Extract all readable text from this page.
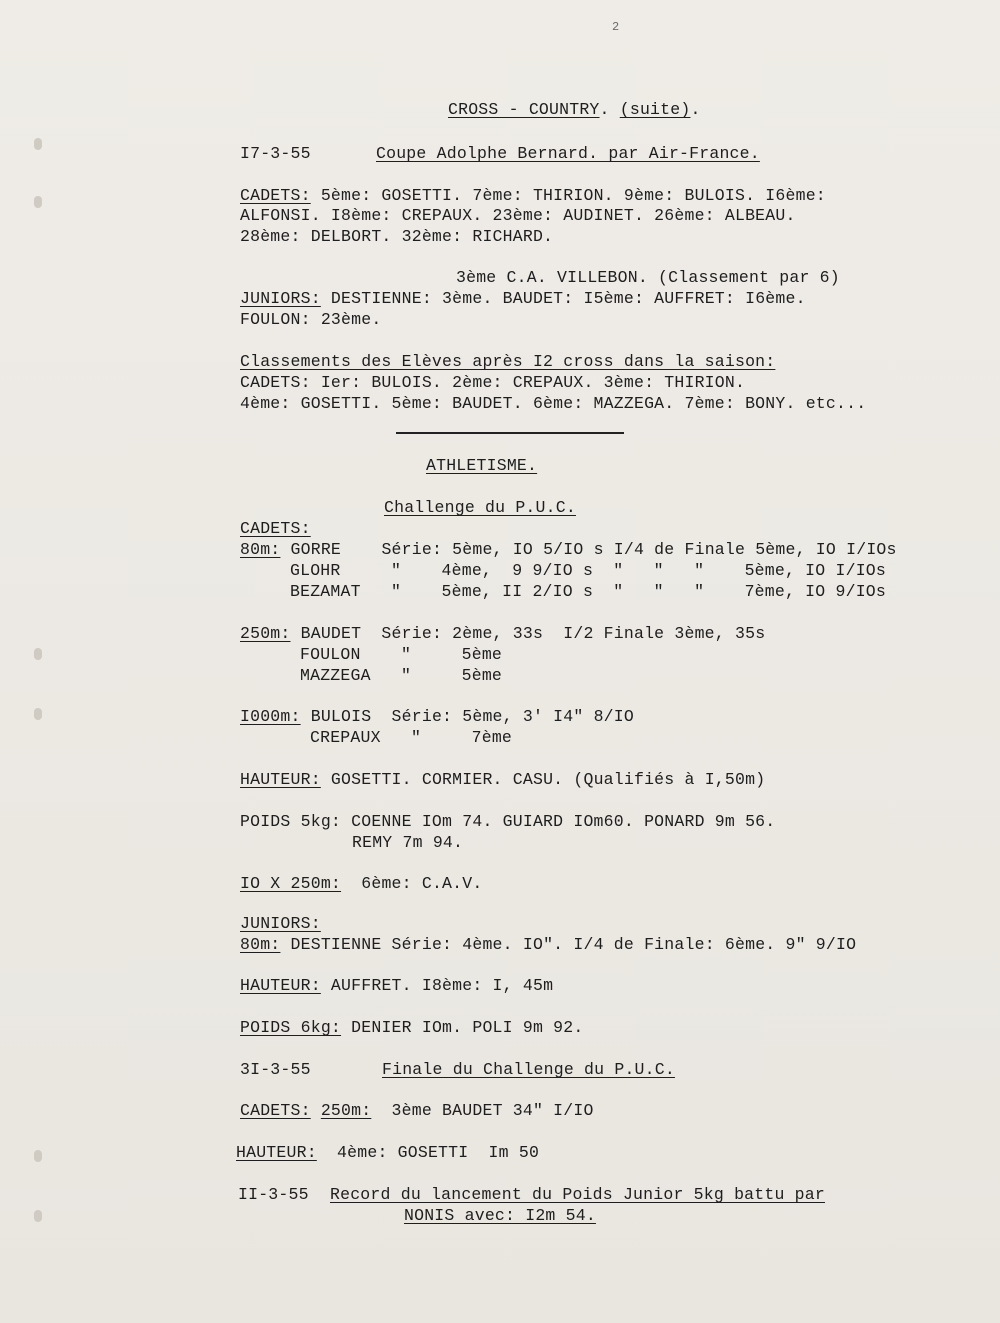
2
CROSS - COUNTRY. (suite).
I7-3-55	Coupe Adolphe Bernard. par Air-France.
CADETS: 5ème: GOSETTI. 7ème: THIRION. 9ème: BULOIS. I6ème:
ALFONSI. I8ème: CREPAUX. 23ème: AUDINET. 26ème: ALBEAU.
28ème: DELBORT. 32ème: RICHARD.
3ème C.A. VILLEBON. (Classement par 6)
JUNIORS: DESTIENNE: 3ème. BAUDET: I5ème: AUFFRET: I6ème.
FOULON: 23ème.
Classements des Elèves après I2 cross dans la saison:
CADETS: Ier: BULOIS. 2ème: CREPAUX. 3ème: THIRION.
4ème: GOSETTI. 5ème: BAUDET. 6ème: MAZZEGA. 7ème: BONY. etc...
ATHLETISME.
Challenge du P.U.C.
CADETS:
80m: GORRE    Série: 5ème, IO 5/IO s I/4 de Finale 5ème, IO I/IOs
GLOHR     "    4ème,  9 9/IO s  "   "   "    5ème, IO I/IOs
BEZAMAT   "    5ème, II 2/IO s  "   "   "    7ème, IO 9/IOs
250m: BAUDET  Série: 2ème, 33s  I/2 Finale 3ème, 35s
FOULON    "     5ème
MAZZEGA   "     5ème
I000m: BULOIS  Série: 5ème, 3' I4" 8/IO
CREPAUX   "     7ème
HAUTEUR: GOSETTI. CORMIER. CASU. (Qualifiés à I,50m)
POIDS 5kg: COENNE IOm 74. GUIARD IOm60. PONARD 9m 56.
REMY 7m 94.
IO X 250m:  6ème: C.A.V.
JUNIORS:
80m: DESTIENNE Série: 4ème. IO". I/4 de Finale: 6ème. 9" 9/IO
HAUTEUR: AUFFRET. I8ème: I, 45m
POIDS 6kg: DENIER IOm. POLI 9m 92.
3I-3-55	Finale du Challenge du P.U.C.
CADETS: 250m:  3ème BAUDET 34" I/IO
HAUTEUR:  4ème: GOSETTI  Im 50
II-3-55 Record du lancement du Poids Junior 5kg battu par
NONIS avec: I2m 54.
